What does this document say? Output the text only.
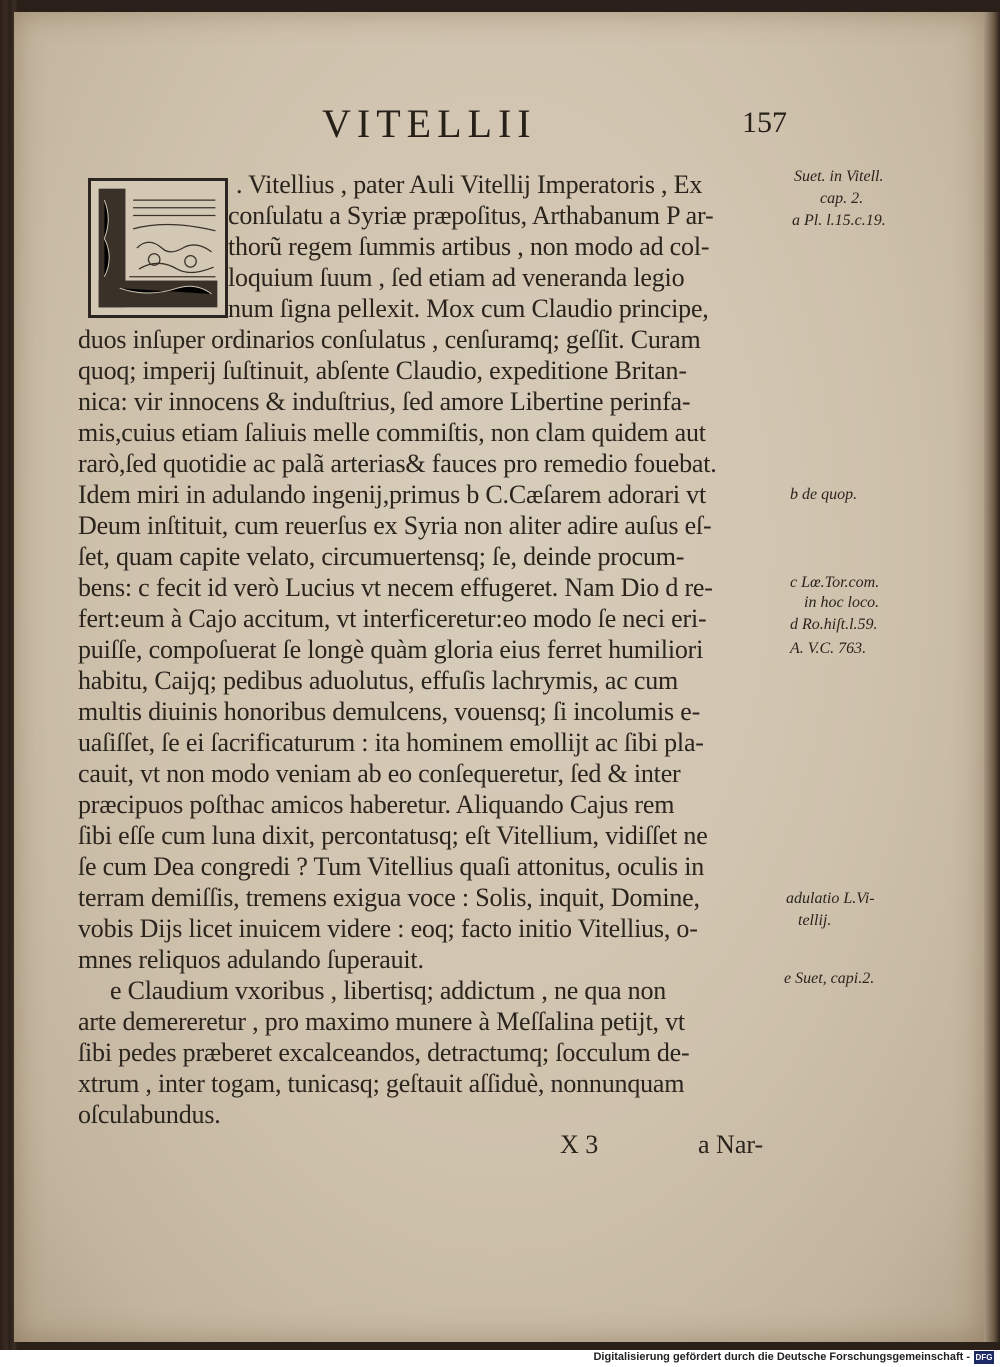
VITELLII	157
. Vitellius , pater Auli Vitellij Imperatoris , Ex
conſulatu a Syriæ præpoſitus, Arthabanum P ar-
thorũ regem ſummis artibus , non modo ad col-
loquium ſuum , ſed etiam ad veneranda legio
num ſigna pellexit. Mox cum Claudio principe,
duos inſuper ordinarios conſulatus , cenſuramq; geſſit. Curam
quoq; imperij ſuſtinuit, abſente Claudio, expeditione Britan-
nica: vir innocens & induſtrius, ſed amore Libertine perinfa-
mis,cuius etiam ſaliuis melle commiſtis, non clam quidem aut
rarò,ſed quotidie ac palã arterias& fauces pro remedio fouebat.
Idem miri in adulando ingenij,primus b C.Cæſarem adorari vt
Deum inſtituit, cum reuerſus ex Syria non aliter adire auſus eſ-
ſet, quam capite velato, circumuertensq; ſe, deinde procum-
bens: c fecit id verò Lucius vt necem effugeret. Nam Dio d re-
fert:eum à Cajo accitum, vt interficeretur:eo modo ſe neci eri-
puiſſe, compoſuerat ſe longè quàm gloria eius ferret humiliori
habitu, Caijq; pedibus aduolutus, effuſis lachrymis, ac cum
multis diuinis honoribus demulcens, vouensq; ſi incolumis e-
uaſiſſet, ſe ei ſacrificaturum : ita hominem emollijt ac ſibi pla-
cauit, vt non modo veniam ab eo conſequeretur, ſed & inter
præcipuos poſthac amicos haberetur. Aliquando Cajus rem
ſibi eſſe cum luna dixit, percontatusq; eſt Vitellium, vidiſſet ne
ſe cum Dea congredi ? Tum Vitellius quaſi attonitus, oculis in
terram demiſſis, tremens exigua voce : Solis, inquit, Domine,
vobis Dijs licet inuicem videre : eoq; facto initio Vitellius, o-
mnes reliquos adulando ſuperauit.
e Claudium vxoribus , libertisq; addictum , ne qua non
arte demereretur , pro maximo munere à Meſſalina petijt, vt
ſibi pedes præberet excalceandos, detractumq; ſocculum de-
xtrum , inter togam, tunicasq; geſtauit aſſiduè, nonnunquam
oſculabundus.
Suet. in Vitell.
cap. 2.
a Pl. l.15.c.19.
b de quop.
c Lœ.Tor.com.
in hoc loco.
d Ro.hiſt.l.59.
A. V.C. 763.
adulatio L.Vi-
tellij.
e Suet, capi.2.
X 3	a Nar-
Digitalisierung gefördert durch die Deutsche Forschungsgemeinschaft - DFG
